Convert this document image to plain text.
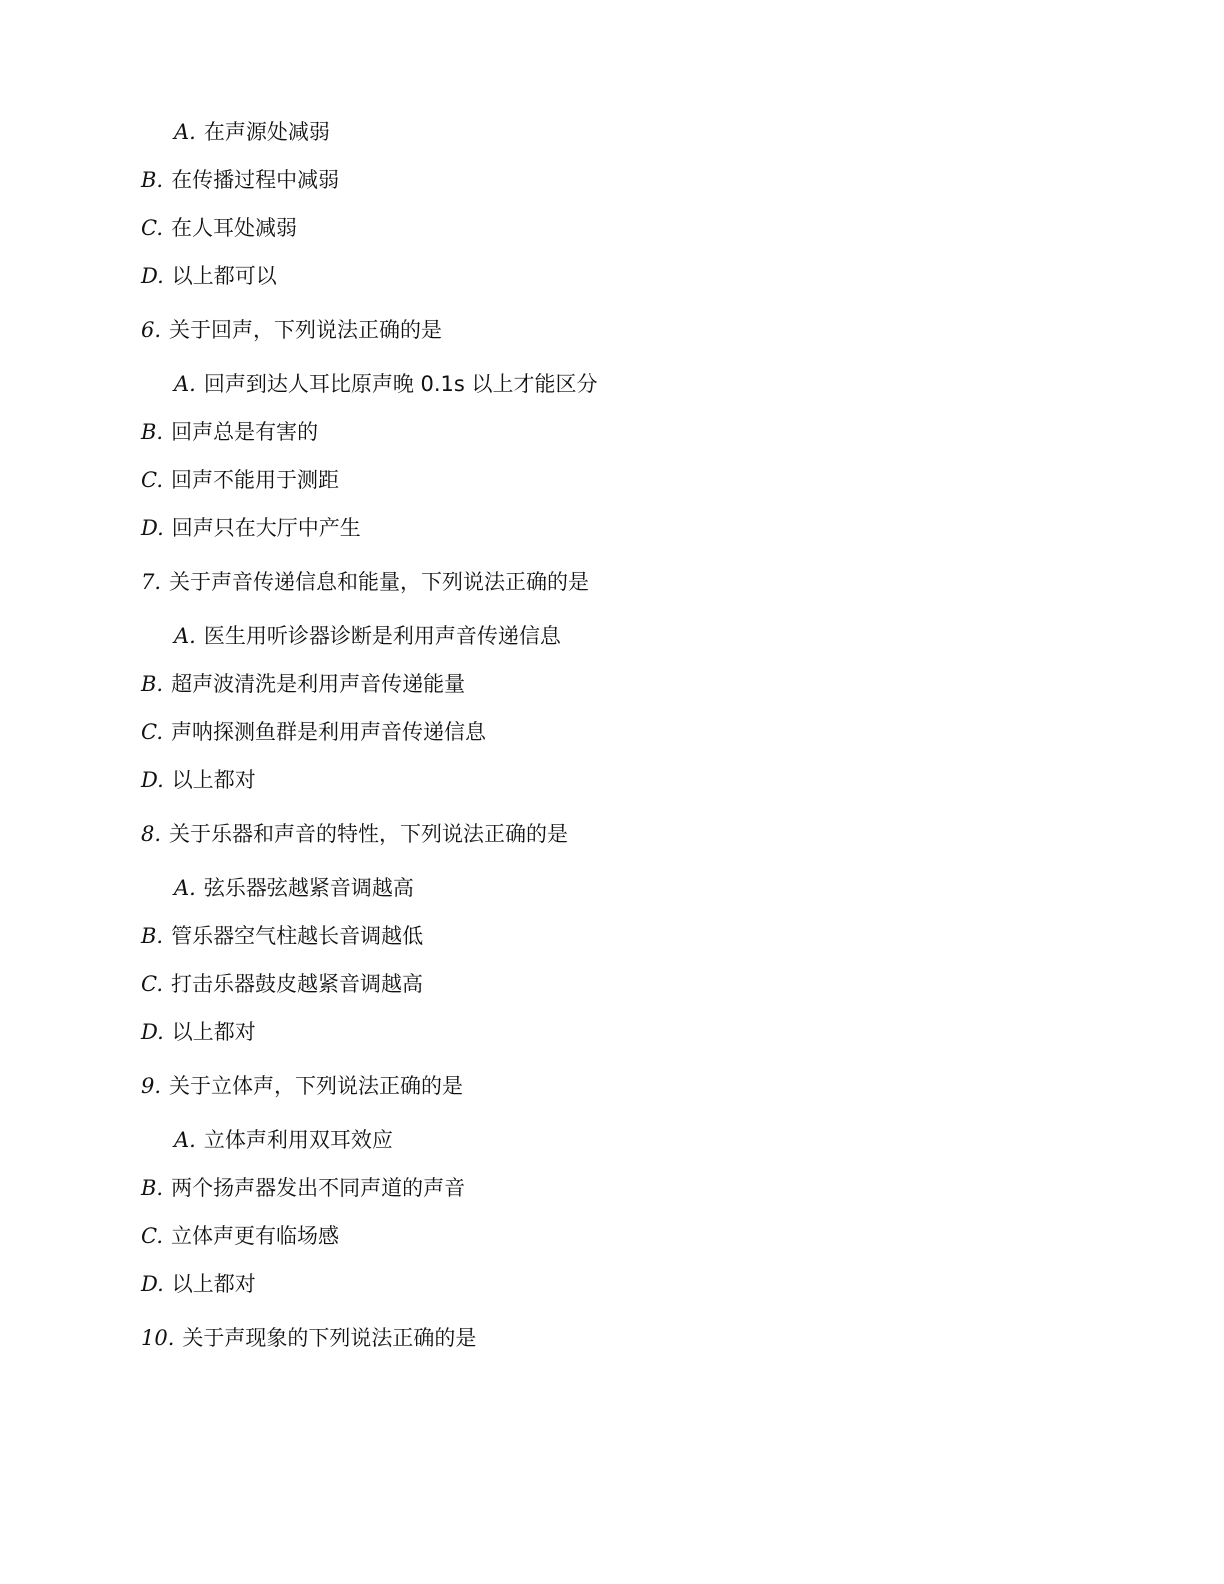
A. 在声源处减弱
B. 在传播过程中减弱
C. 在人耳处减弱
D. 以上都可以
6. 关于回声，下列说法正确的是
A. 回声到达人耳比原声晚 0.1s 以上才能区分
B. 回声总是有害的
C. 回声不能用于测距
D. 回声只在大厅中产生
7. 关于声音传递信息和能量，下列说法正确的是
A. 医生用听诊器诊断是利用声音传递信息
B. 超声波清洗是利用声音传递能量
C. 声呐探测鱼群是利用声音传递信息
D. 以上都对
8. 关于乐器和声音的特性，下列说法正确的是
A. 弦乐器弦越紧音调越高
B. 管乐器空气柱越长音调越低
C. 打击乐器鼓皮越紧音调越高
D. 以上都对
9. 关于立体声，下列说法正确的是
A. 立体声利用双耳效应
B. 两个扬声器发出不同声道的声音
C. 立体声更有临场感
D. 以上都对
10. 关于声现象的下列说法正确的是
